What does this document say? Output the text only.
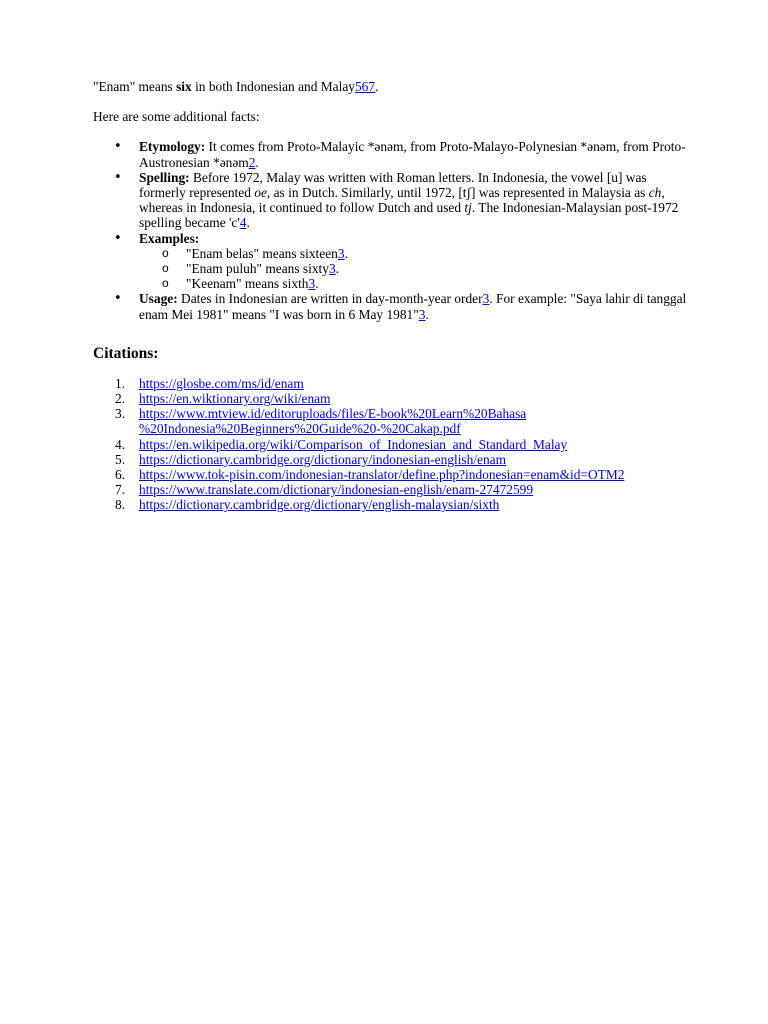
"Enam" means six in both Indonesian and Malay567.

Here are some additional facts:

• Etymology: It comes from Proto-Malayic *ənəm, from Proto-Malayo-Polynesian *ənəm, from Proto-Austronesian *ənəm2.
• Spelling: Before 1972, Malay was written with Roman letters. In Indonesia, the vowel [u] was formerly represented oe, as in Dutch. Similarly, until 1972, [tʃ] was represented in Malaysia as ch, whereas in Indonesia, it continued to follow Dutch and used tj. The Indonesian-Malaysian post-1972 spelling became 'c'4.
• Examples:
o "Enam belas" means sixteen3.
o "Enam puluh" means sixty3.
o "Keenam" means sixth3.
• Usage: Dates in Indonesian are written in day-month-year order3. For example: "Saya lahir di tanggal enam Mei 1981" means "I was born in 6 May 1981"3.
Citations:
1. https://glosbe.com/ms/id/enam
2. https://en.wiktionary.org/wiki/enam
3. https://www.mtview.id/editoruploads/files/E-book%20Learn%20Bahasa​%20Indonesia%20Beginners%20Guide%20-%20Cakap.pdf
4. https://en.wikipedia.org/wiki/Comparison_of_Indonesian_and_Standard_Malay
5. https://dictionary.cambridge.org/dictionary/indonesian-english/enam
6. https://www.tok-pisin.com/indonesian-translator/define.php?​indonesian=enam&id=OTM2
7. https://www.translate.com/dictionary/indonesian-english/enam-27472599
8. https://dictionary.cambridge.org/dictionary/english-malaysian/sixth
